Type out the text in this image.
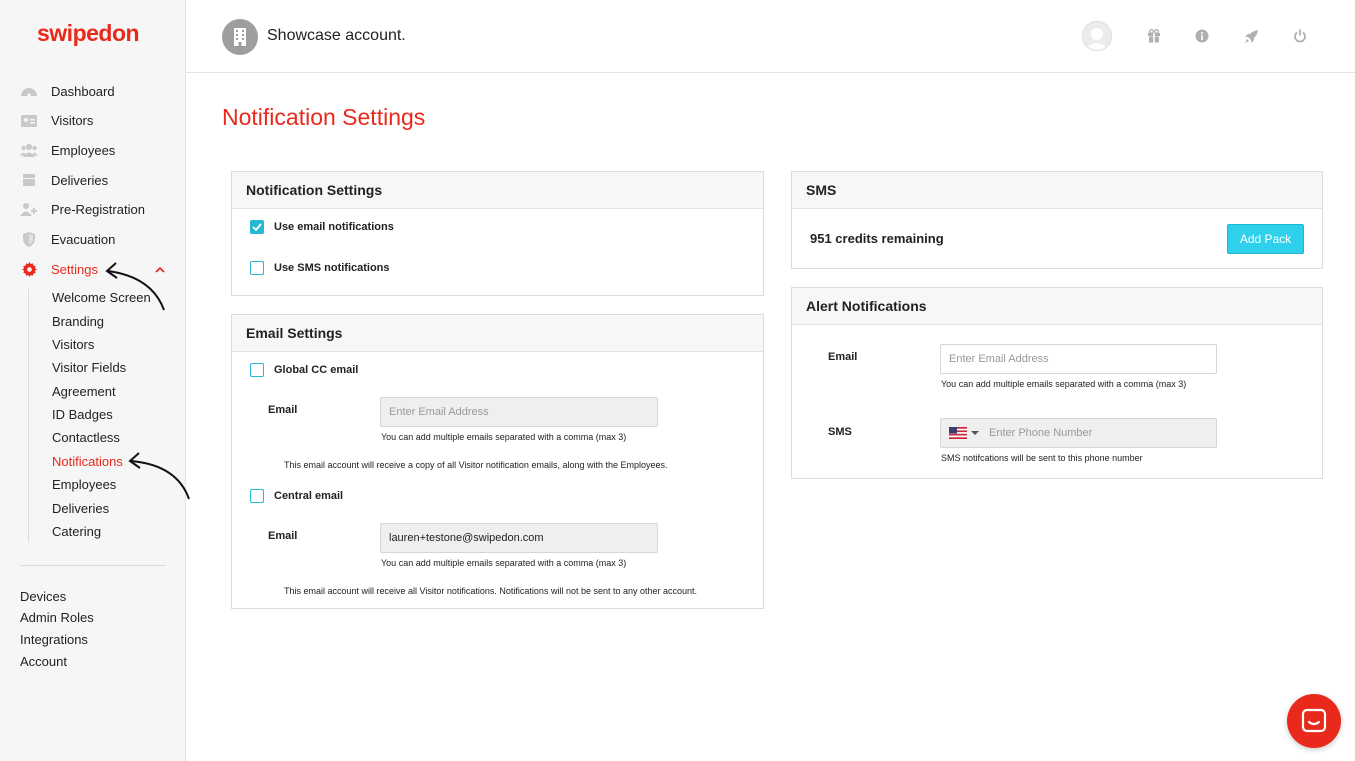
swipedon
Dashboard
Visitors
Employees
Deliveries
Pre-Registration
Evacuation
Settings
Welcome Screen
Branding
Visitors
Visitor Fields
Agreement
ID Badges
Contactless
Notifications
Employees
Deliveries
Catering
Devices
Admin Roles
Integrations
Account
Showcase account.
Notification Settings
Notification Settings
Use email notifications
Use SMS notifications
Email Settings
Global CC email
Email	Enter Email Address
You can add multiple emails separated with a comma (max 3)
This email account will receive a copy of all Visitor notification emails, along with the Employees.
Central email
Email	lauren+testone@swipedon.com
You can add multiple emails separated with a comma (max 3)
This email account will receive all Visitor notifications. Notifications will not be sent to any other account.
SMS
951 credits remaining	Add Pack
Alert Notifications
Email	Enter Email Address
You can add multiple emails separated with a comma (max 3)
SMS	Enter Phone Number
SMS notifcations will be sent to this phone number
